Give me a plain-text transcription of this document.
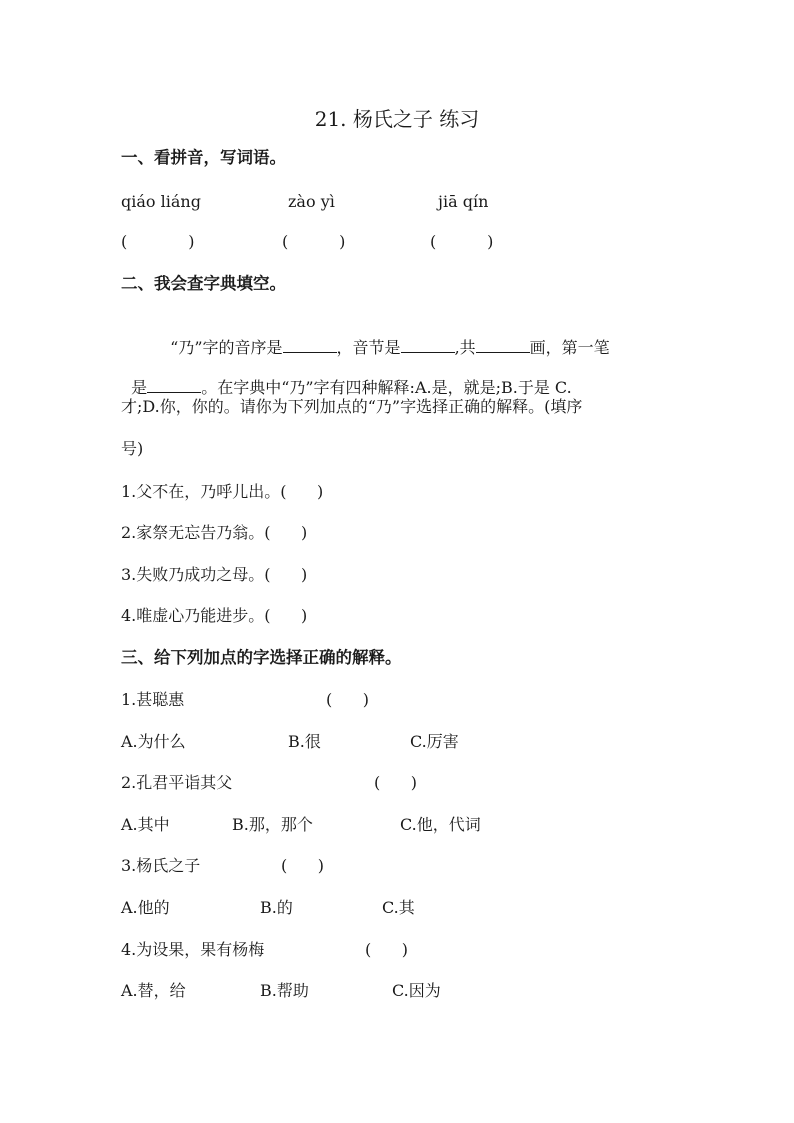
21. 杨氏之子 练习
一、看拼音，写词语。
qiáo liáng	zào yì	jiā qín
(            )	(          )	(          )
二、我会查字典填空。

“乃”字的音序是	，音节是	,共	画，第一笔

是	。在字典中“乃”字有四种解释:A.是，就是;B.于是 C.

才;D.你，你的。请你为下列加点的“乃”字选择正确的解释。(填序
号)
1.父不在，乃呼儿出。(      )
2.家祭无忘告乃翁。(      )
3.失败乃成功之母。(      )
4.唯虚心乃能进步。(      )
三、给下列加点的字选择正确的解释。
1.甚聪惠	(      )
A.为什么	B.很	C.厉害
2.孔君平诣其父	(      )
A.其中	B.那，那个	C.他，代词
3.杨氏之子	(      )
A.他的	B.的	C.其
4.为设果，果有杨梅	(      )
A.替，给	B.帮助	C.因为
